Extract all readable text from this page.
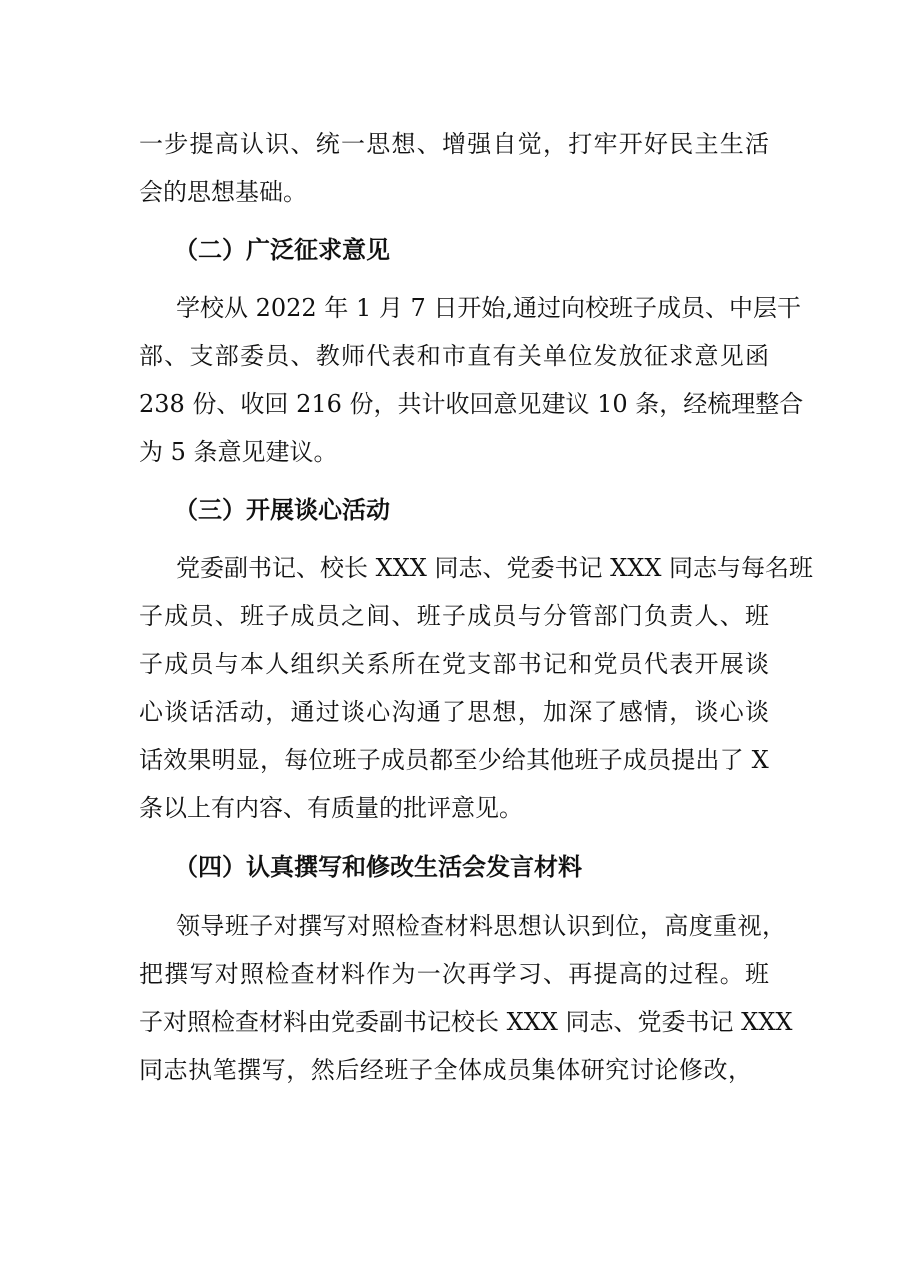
一步提高认识、统一思想、增强自觉，打牢开好民主生活
会的思想基础。
（二）广泛征求意见
学校从 2022 年 1 月 7 日开始,通过向校班子成员、中层干
部、支部委员、教师代表和市直有关单位发放征求意见函
238 份、收回 216 份，共计收回意见建议 10 条，经梳理整合
为 5 条意见建议。
（三）开展谈心活动
党委副书记、校长 XXX 同志、党委书记 XXX 同志与每名班
子成员、班子成员之间、班子成员与分管部门负责人、班
子成员与本人组织关系所在党支部书记和党员代表开展谈
心谈话活动，通过谈心沟通了思想，加深了感情，谈心谈
话效果明显，每位班子成员都至少给其他班子成员提出了 X
条以上有内容、有质量的批评意见。
（四）认真撰写和修改生活会发言材料
领导班子对撰写对照检查材料思想认识到位，高度重视，
把撰写对照检查材料作为一次再学习、再提高的过程。班
子对照检查材料由党委副书记校长 XXX 同志、党委书记 XXX
同志执笔撰写，然后经班子全体成员集体研究讨论修改，
